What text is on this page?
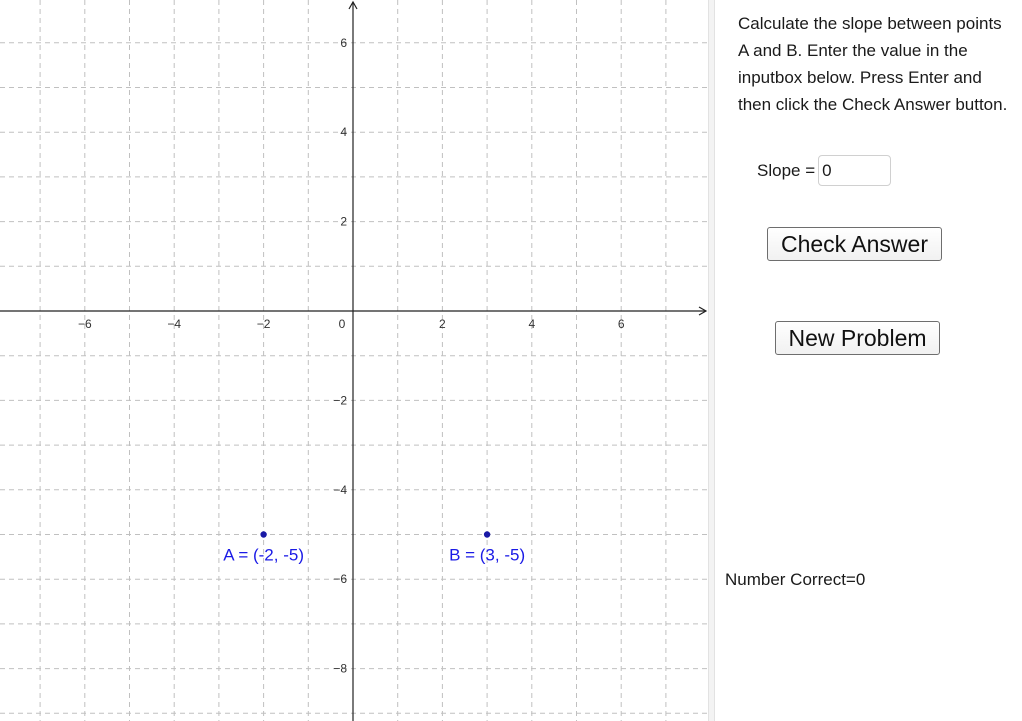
−6	−4	−2	0	2	4	6
6
4
2
−2
−4
−6
−8
A = (-2, -5)	B = (3, -5)
Calculate the slope between points A and B. Enter the value in the inputbox below. Press Enter and then click the Check Answer button.
Slope =
0
Check Answer
New Problem
Number Correct=0
